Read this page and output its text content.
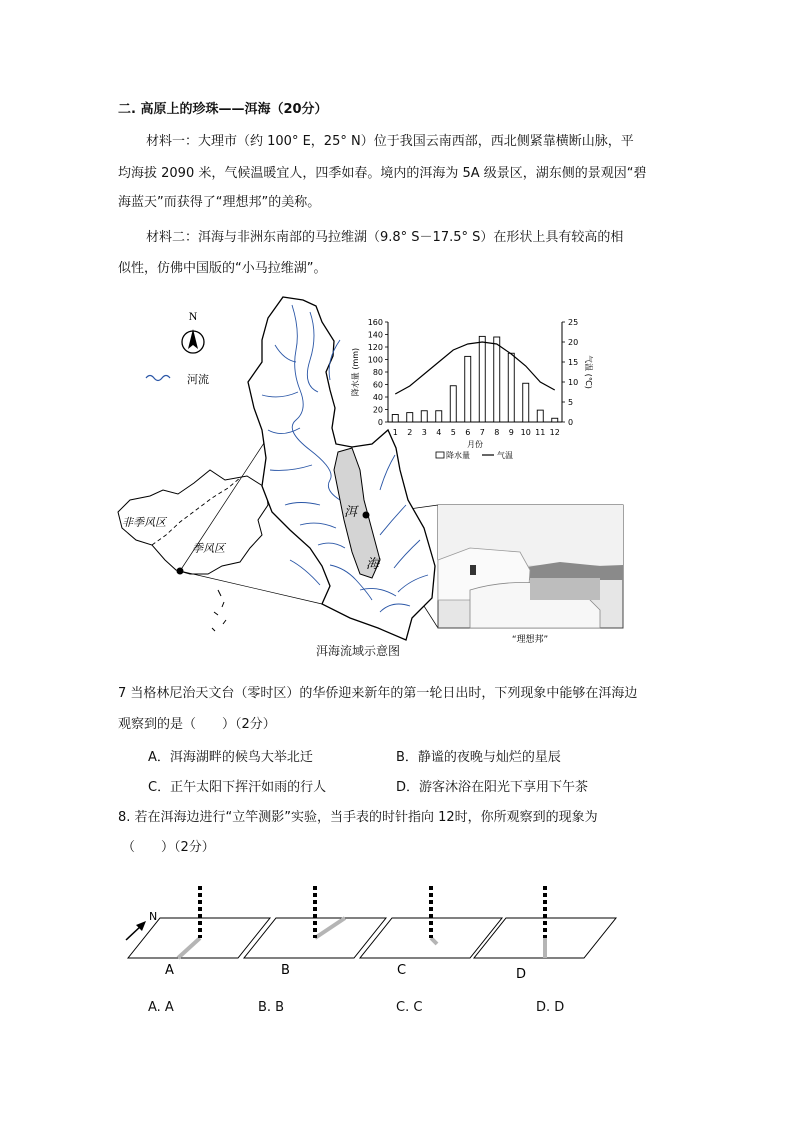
二. 高原上的珍珠——洱海（20分）
材料一：大理市（约 100° E，25° N）位于我国云南西部，西北侧紧靠横断山脉，平
均海拔 2090 米，气候温暖宜人，四季如春。境内的洱海为 5A 级景区，湖东侧的景观因“碧
海蓝天”而获得了“理想邦”的美称。
材料二：洱海与非洲东南部的马拉维湖（9.8° S－17.5° S）在形状上具有较高的相
似性，仿佛中国版的“小马拉维湖”。
N
河流
非季风区
季风区
洱
海
“理想邦”
0
20
40
60
80
100
120
140
160
0
5
10
15
20
25
1 2 3 4 5 6 7 8 9 10 11 12
月份
降水量 (mm)	气温 (℃)
降水量	气温
洱海流域示意图
7 当格林尼治天文台（零时区）的华侨迎来新年的第一轮日出时，下列现象中能够在洱海边
观察到的是（　　）（2分）
A．洱海湖畔的候鸟大举北迁	B．静谧的夜晚与灿烂的星辰
C．正午太阳下挥汗如雨的行人	D．游客沐浴在阳光下享用下午茶
8. 若在洱海边进行“立竿测影”实验，当手表的时针指向 12时，你所观察到的现象为
（　　）（2分）
N
A	B	C	D
A. A	B. B	C. C	D. D
